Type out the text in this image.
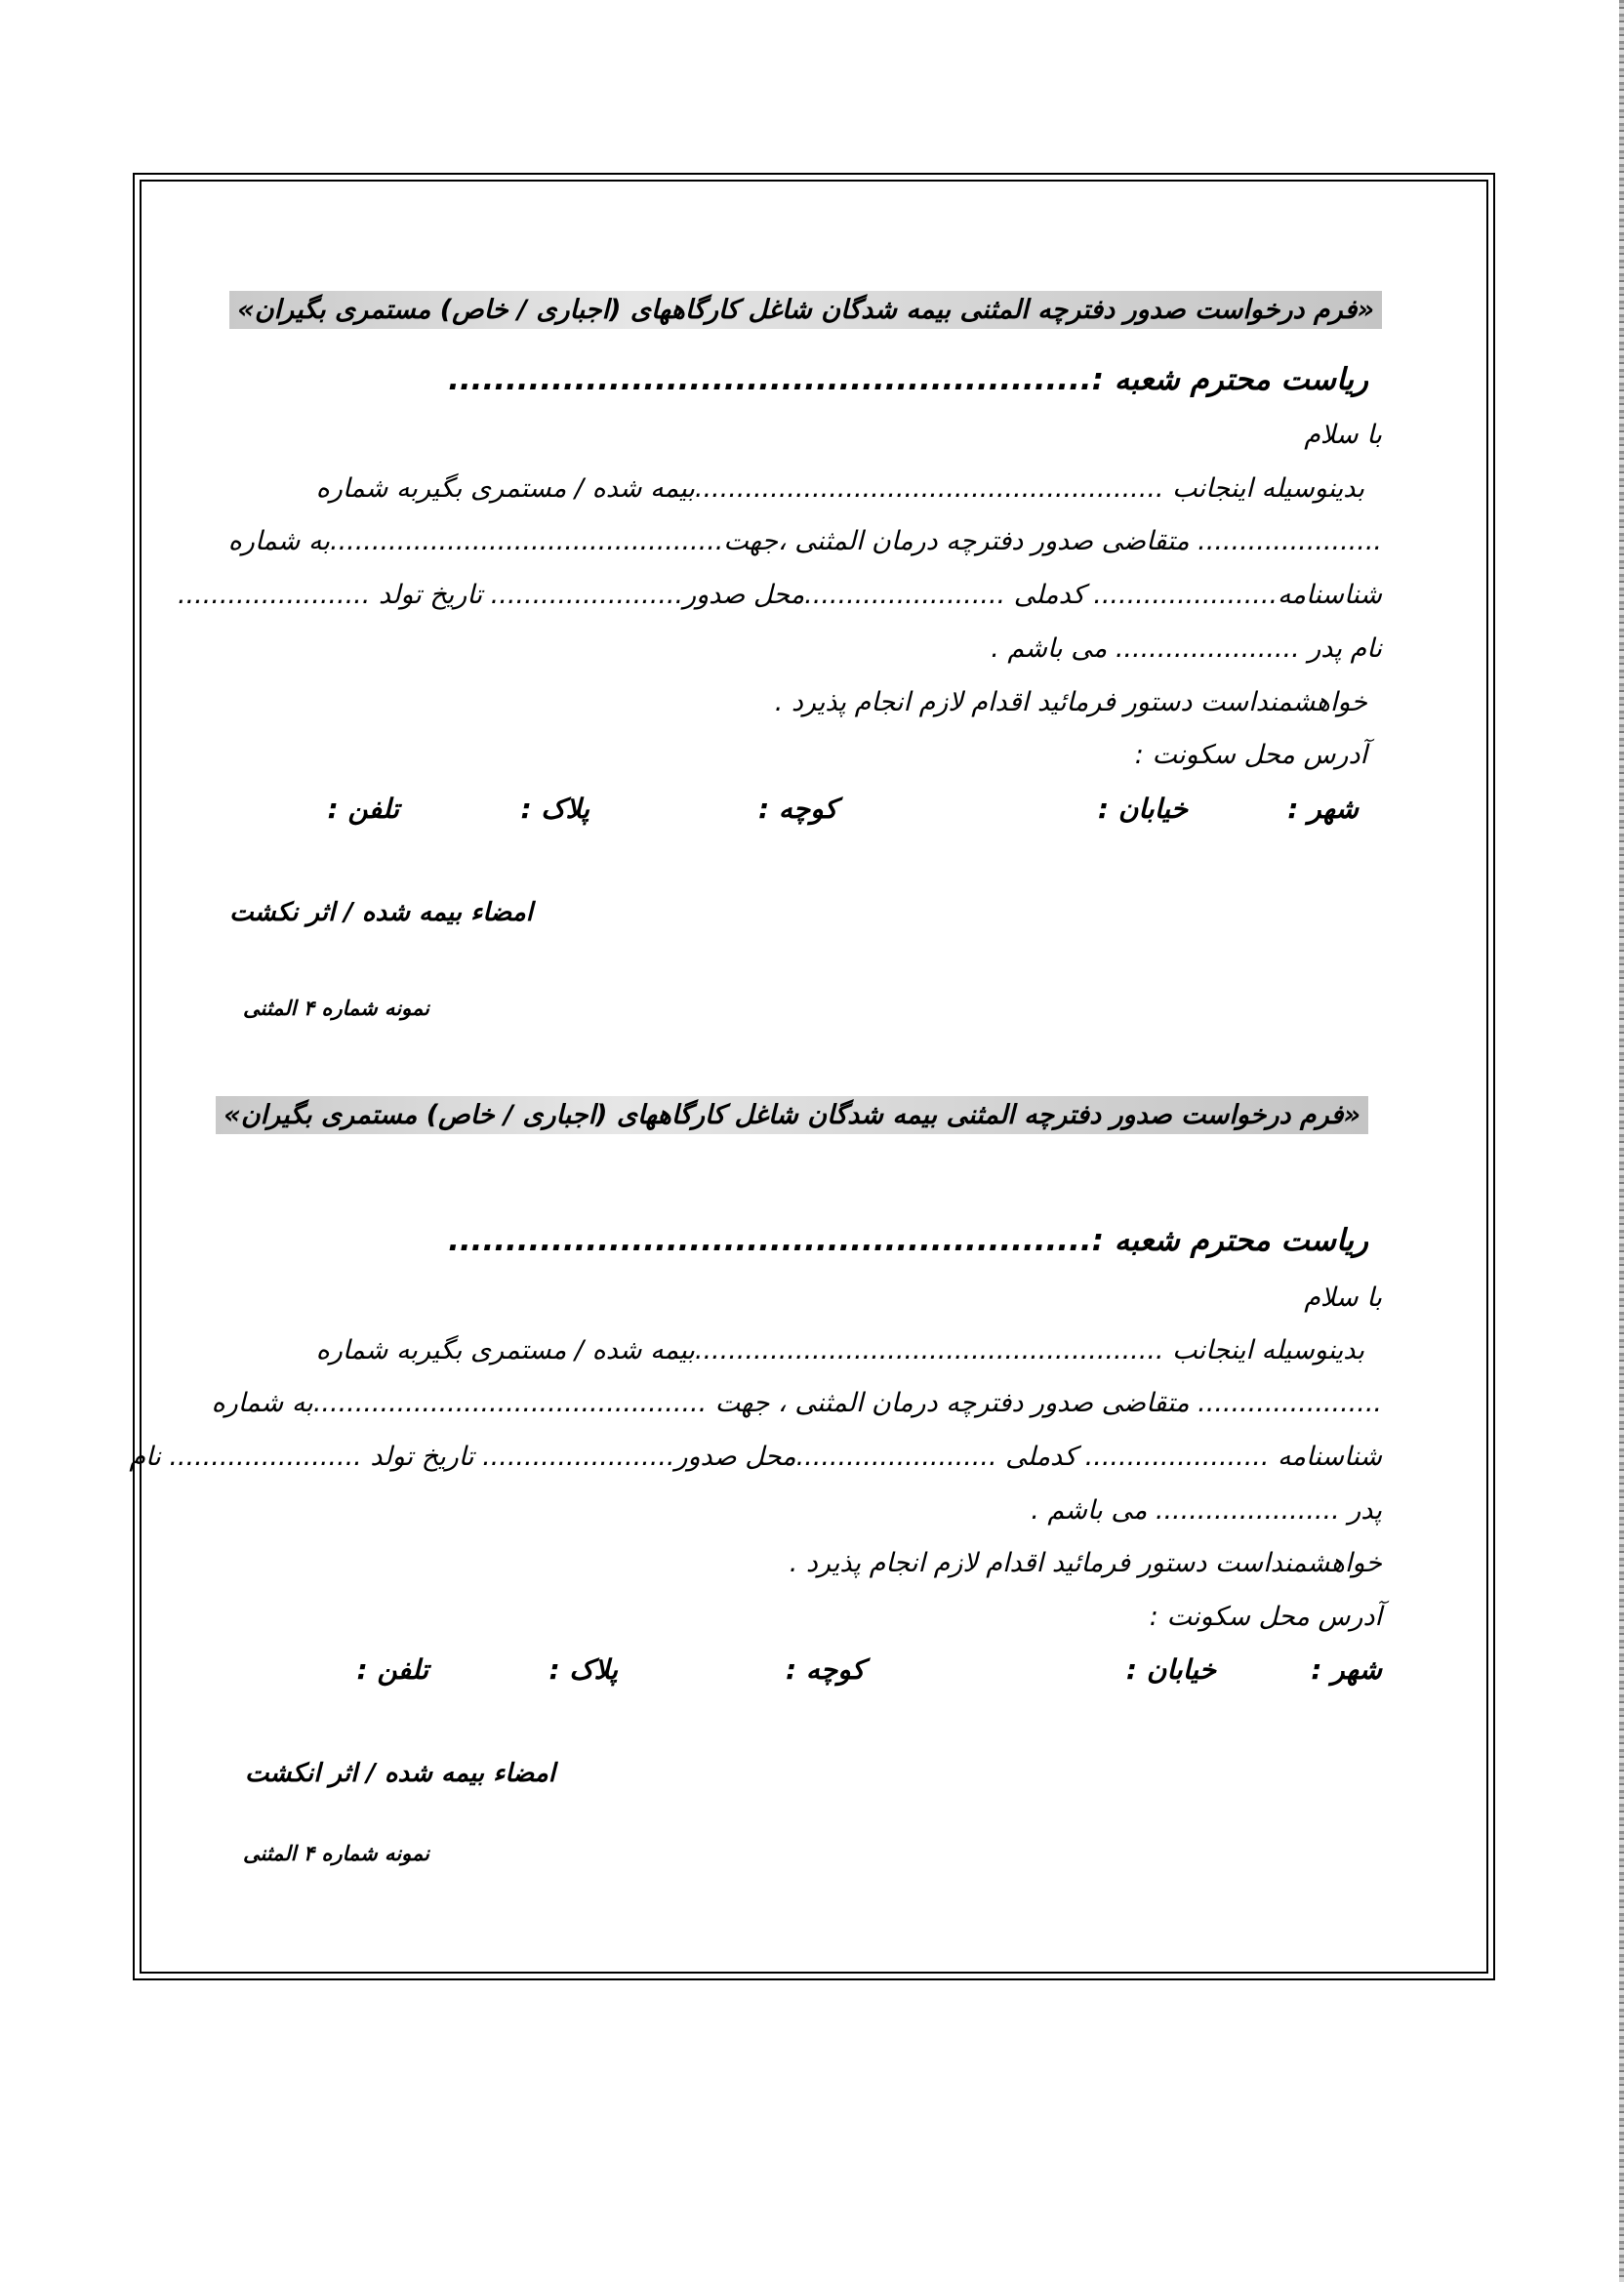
«فرم درخواست صدور دفترچه المثنی بیمه شدگان شاغل کارگاههای (اجباری / خاص) مستمری بگیران»
ریاست محترم شعبه :........................................................
با سلام
بدینوسیله اینجانب ........................................................بیمه شده / مستمری بگیربه شماره
...................... متقاضی صدور دفترچه درمان المثنی ،جهت...............................................به شماره
شناسنامه...................... کدملی ........................محل صدور....................... تاریخ تولد .......................
نام پدر ...................... می باشم .
خواهشمنداست دستور فرمائید اقدام لازم انجام پذیرد .
آدرس محل سکونت :
شهر :
خیابان :
کوچه :
پلاک :
تلفن :
امضاء بیمه شده / اثر نکشت
نمونه شماره ۴ المثنی
«فرم درخواست صدور دفترچه المثنی بیمه شدگان شاغل کارگاههای (اجباری / خاص) مستمری بگیران»
ریاست محترم شعبه :........................................................
با سلام
بدینوسیله اینجانب ........................................................بیمه شده / مستمری بگیربه شماره
...................... متقاضی صدور دفترچه درمان المثنی ، جهت ...............................................به شماره
شناسنامه ...................... کدملی ........................محل صدور....................... تاریخ تولد ....................... نام
پدر ...................... می باشم .
خواهشمنداست دستور فرمائید اقدام لازم انجام پذیرد .
آدرس محل سکونت :
شهر :
خیابان :
کوچه :
پلاک :
تلفن :
امضاء بیمه شده / اثر انکشت
نمونه شماره ۴ المثنی
